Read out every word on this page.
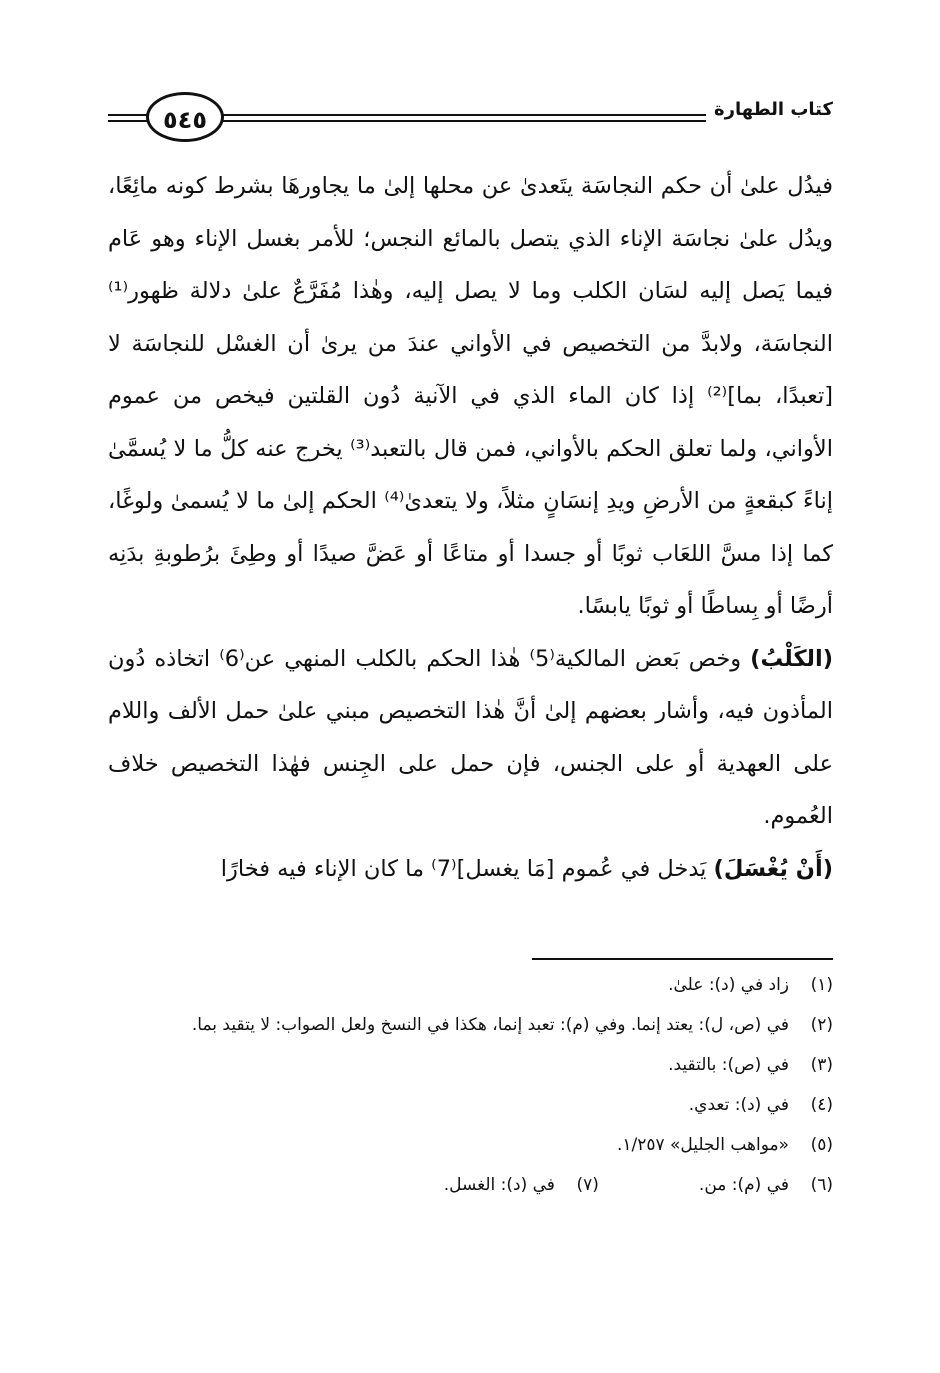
كتاب الطهارة
٥٤٥

فيدُل علىٰ أن حكم النجاسَة يتَعدىٰ عن محلها إلىٰ ما يجاورهَا بشرط كونه مائِعًا، ويدُل علىٰ نجاسَة الإناء الذي يتصل بالمائع النجس؛ للأمر بغسل الإناء وهو عَام فيما يَصل إليه لسَان الكلب وما لا يصل إليه، وهٰذا مُفَرَّعٌ علىٰ دلالة ظهور⁽¹⁾ النجاسَة، ولابدَّ من التخصيص في الأواني عندَ من يرىٰ أن الغسْل للنجاسَة لا [تعبدًا، بما]⁽²⁾ إذا كان الماء الذي في الآنية دُون القلتين فيخص من عموم الأواني، ولما تعلق الحكم بالأواني، فمن قال بالتعبد⁽³⁾ يخرج عنه كلُّ ما لا يُسمَّىٰ إناءً كبقعةٍ من الأرضِ ويدِ إنسَانٍ مثلاً، ولا يتعدىٰ⁽⁴⁾ الحكم إلىٰ ما لا يُسمىٰ ولوغًا، كما إذا مسَّ اللعَاب ثوبًا أو جسدا أو متاعًا أو عَضَّ صيدًا أو وطِئَ برُطوبةِ بدَنِه أرضًا أو بِساطًا أو ثوبًا يابسًا.

(الكَلْبُ) وخص بَعض المالكية⁽5⁾ هٰذا الحكم بالكلب المنهي عن⁽6⁾ اتخاذه دُون المأذون فيه، وأشار بعضهم إلىٰ أنَّ هٰذا التخصيص مبني علىٰ حمل الألف واللام على العهدية أو على الجنس، فإن حمل على الجِنس فهٰذا التخصيص خلاف العُموم.

(أَنْ يُغْسَلَ) يَدخل في عُموم [مَا يغسل]⁽7⁾ ما كان الإناء فيه فخارًا

(١)
زاد في (د): علىٰ.
(٢)
في (ص، ل): يعتد إنما. وفي (م): تعبد إنما، هكذا في النسخ ولعل الصواب: لا يتقيد بما.
(٣)
في (ص): بالتقيد.
(٤)
في (د): تعدي.
(٥)
«مواهب الجليل» ١/٢٥٧.
(٦)
في (م): من.
(٧)
في (د): الغسل.
